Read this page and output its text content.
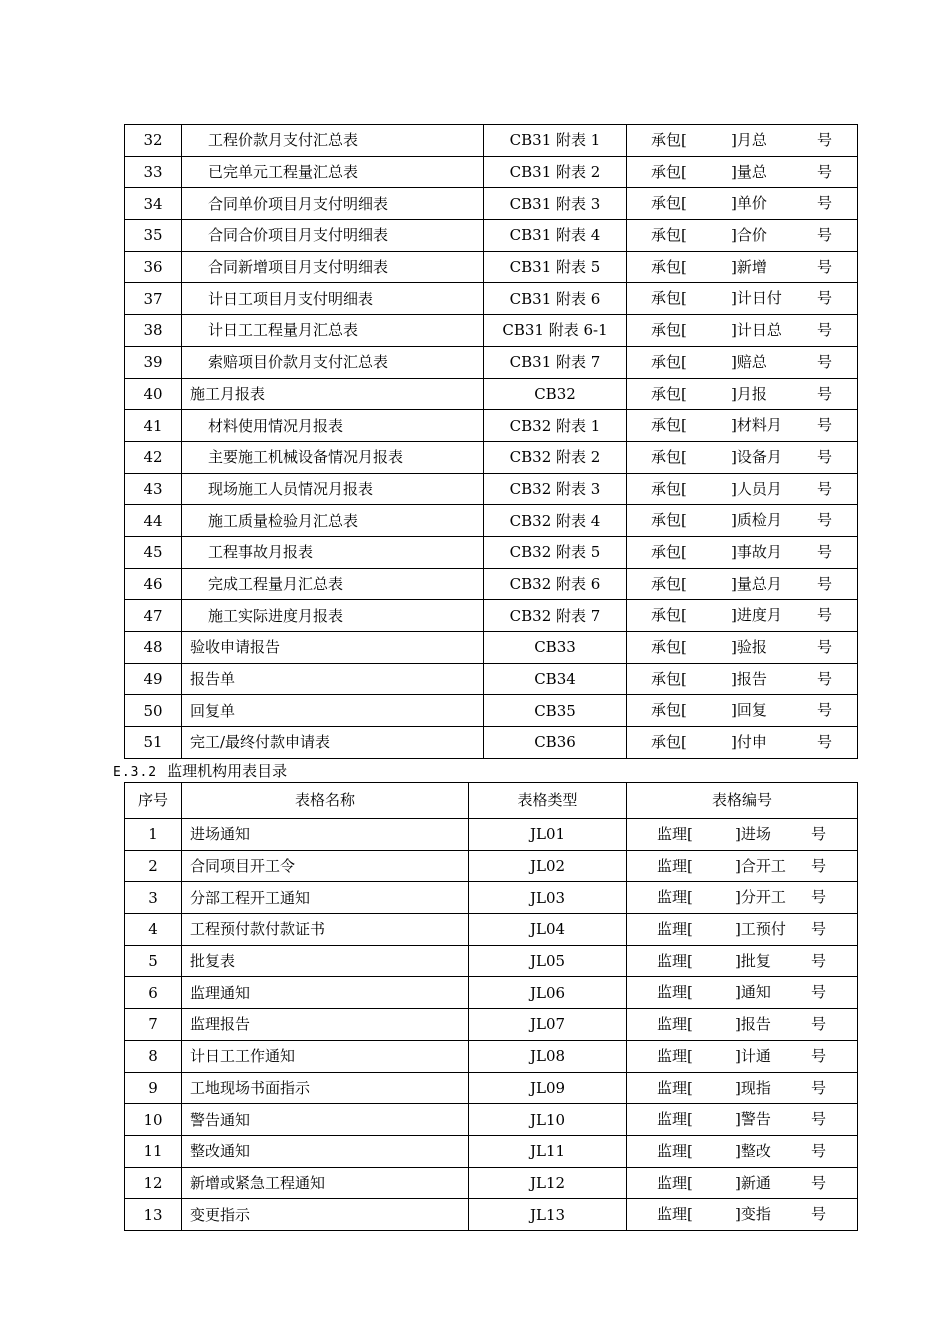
32	工程价款月支付汇总表	CB31 附表 1	承包[ ]月总 号

33	已完单元工程量汇总表	CB31 附表 2	承包[ ]量总 号

34	合同单价项目月支付明细表	CB31 附表 3	承包[ ]单价 号

35	合同合价项目月支付明细表	CB31 附表 4	承包[ ]合价 号

36	合同新增项目月支付明细表	CB31 附表 5	承包[ ]新增 号

37	计日工项目月支付明细表	CB31 附表 6	承包[ ]计日付 号

38	计日工工程量月汇总表	CB31 附表 6-1	承包[ ]计日总 号

39	索赔项目价款月支付汇总表	CB31 附表 7	承包[ ]赔总 号

40	施工月报表	CB32	承包[ ]月报 号

41	材料使用情况月报表	CB32 附表 1	承包[ ]材料月 号

42	主要施工机械设备情况月报表	CB32 附表 2	承包[ ]设备月 号

43	现场施工人员情况月报表	CB32 附表 3	承包[ ]人员月 号

44	施工质量检验月汇总表	CB32 附表 4	承包[ ]质检月 号

45	工程事故月报表	CB32 附表 5	承包[ ]事故月 号

46	完成工程量月汇总表	CB32 附表 6	承包[ ]量总月 号

47	施工实际进度月报表	CB32 附表 7	承包[ ]进度月 号

48	验收申请报告	CB33	承包[ ]验报 号

49	报告单	CB34	承包[ ]报告 号

50	回复单	CB35	承包[ ]回复 号

51	完工/最终付款申请表	CB36	承包[ ]付申 号
E.3.2 监理机构用表目录
序号	表格名称	表格类型	表格编号
1	进场通知	JL01	监理[ ]进场 号

2	合同项目开工令	JL02	监理[ ]合开工 号

3	分部工程开工通知	JL03	监理[ ]分开工 号

4	工程预付款付款证书	JL04	监理[ ]工预付 号

5	批复表	JL05	监理[ ]批复 号

6	监理通知	JL06	监理[ ]通知 号

7	监理报告	JL07	监理[ ]报告 号

8	计日工工作通知	JL08	监理[ ]计通 号

9	工地现场书面指示	JL09	监理[ ]现指 号

10	警告通知	JL10	监理[ ]警告 号

11	整改通知	JL11	监理[ ]整改 号

12	新增或紧急工程通知	JL12	监理[ ]新通 号

13	变更指示	JL13	监理[ ]变指 号
